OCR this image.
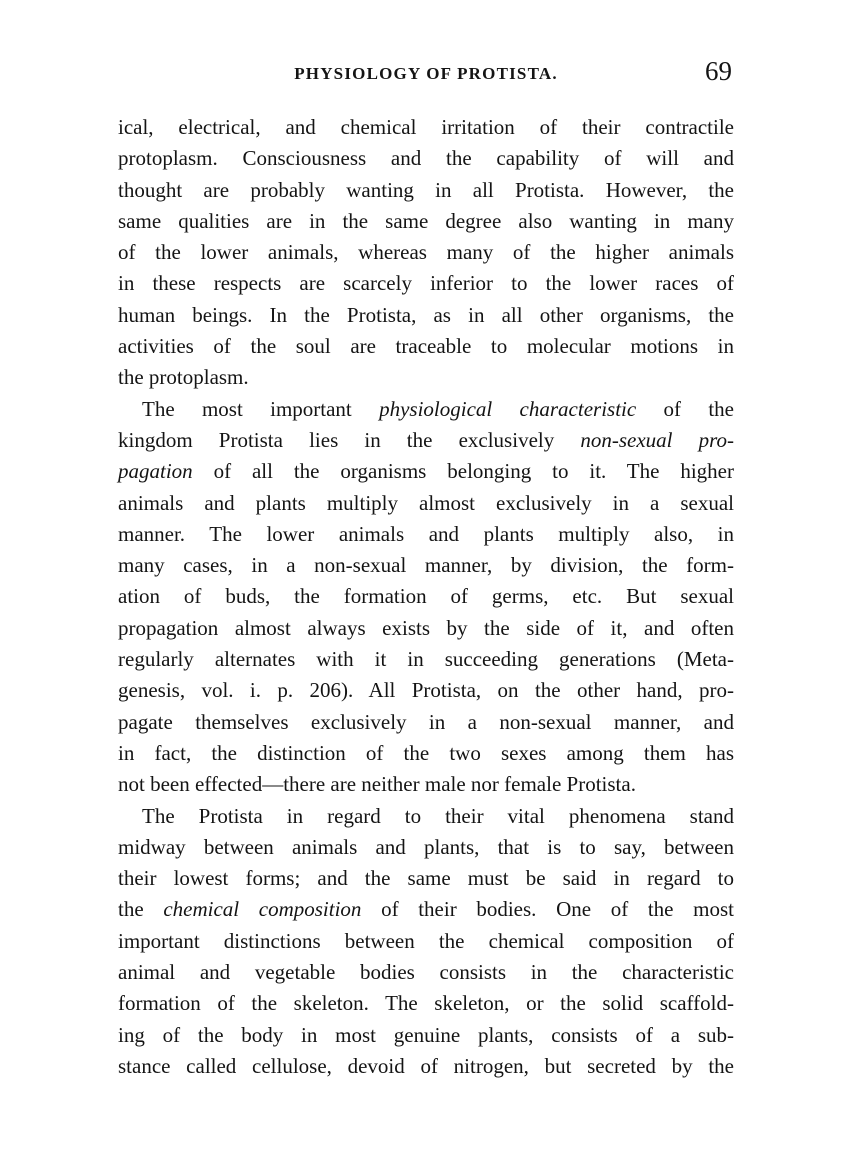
PHYSIOLOGY OF PROTISTA.	69
ical, electrical, and chemical irritation of their contractile
protoplasm. Consciousness and the capability of will and
thought are probably wanting in all Protista. However, the
same qualities are in the same degree also wanting in many
of the lower animals, whereas many of the higher animals
in these respects are scarcely inferior to the lower races of
human beings. In the Protista, as in all other organisms, the
activities of the soul are traceable to molecular motions in
the protoplasm.
The most important physiological characteristic of the
kingdom Protista lies in the exclusively non-sexual pro-
pagation of all the organisms belonging to it. The higher
animals and plants multiply almost exclusively in a sexual
manner. The lower animals and plants multiply also, in
many cases, in a non-sexual manner, by division, the form-
ation of buds, the formation of germs, etc. But sexual
propagation almost always exists by the side of it, and often
regularly alternates with it in succeeding generations (Meta-
genesis, vol. i. p. 206). All Protista, on the other hand, pro-
pagate themselves exclusively in a non-sexual manner, and
in fact, the distinction of the two sexes among them has
not been effected—there are neither male nor female Protista.
The Protista in regard to their vital phenomena stand
midway between animals and plants, that is to say, between
their lowest forms; and the same must be said in regard to
the chemical composition of their bodies. One of the most
important distinctions between the chemical composition of
animal and vegetable bodies consists in the characteristic
formation of the skeleton. The skeleton, or the solid scaffold-
ing of the body in most genuine plants, consists of a sub-
stance called cellulose, devoid of nitrogen, but secreted by the
